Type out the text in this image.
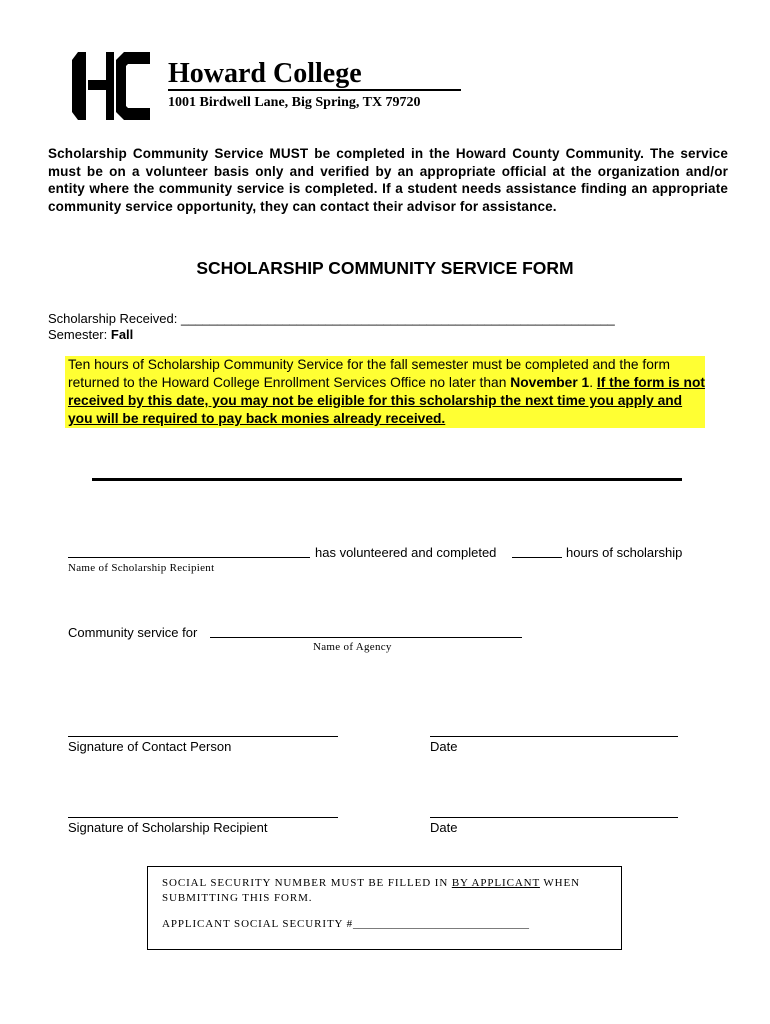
Howard College
1001 Birdwell Lane, Big Spring, TX 79720
Scholarship Community Service MUST be completed in the Howard County Community. The service must be on a volunteer basis only and verified by an appropriate official at the organization and/or entity where the community service is completed. If a student needs assistance finding an appropriate community service opportunity, they can contact their advisor for assistance.
SCHOLARSHIP COMMUNITY SERVICE FORM
Scholarship Received: ____________________________________________________________
Semester: Fall
Ten hours of Scholarship Community Service for the fall semester must be completed and the form returned to the Howard College Enrollment Services Office no later than November 1. If the form is not received by this date, you may not be eligible for this scholarship the next time you apply and you will be required to pay back monies already received.
has volunteered and completed	hours of scholarship
Name of Scholarship Recipient
Community service for
Name of Agency
Signature of Contact Person	Date
Signature of Scholarship Recipient	Date
SOCIAL SECURITY NUMBER MUST BE FILLED IN BY APPLICANT WHEN SUBMITTING THIS FORM.
APPLICANT SOCIAL SECURITY #________________________________
